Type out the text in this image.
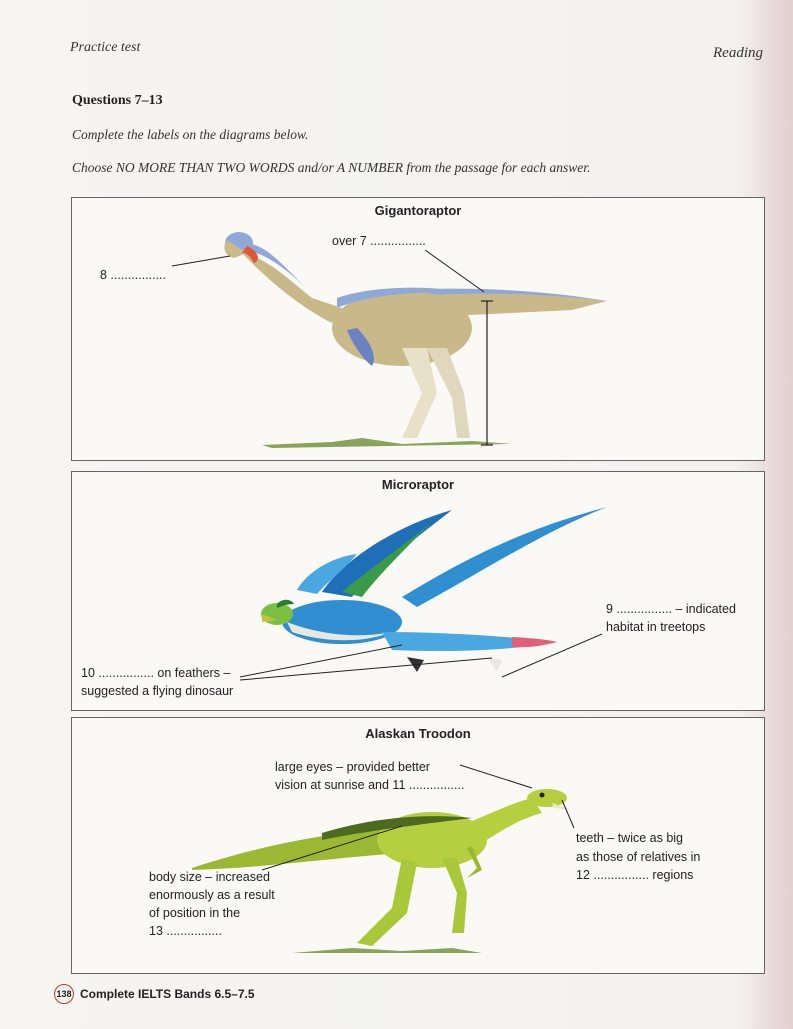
Practice test	Reading
Questions 7–13
Complete the labels on the diagrams below.
Choose NO MORE THAN TWO WORDS and/or A NUMBER from the passage for each answer.
Gigantoraptor
over 7 ................
8 ................
Microraptor
9 ................ – indicated
habitat in treetops
10 ................ on feathers –
suggested a flying dinosaur
Alaskan Troodon
large eyes – provided better
vision at sunrise and 11 ................
teeth – twice as big
as those of relatives in
12 ................ regions
body size – increased
enormously as a result
of position in the
13 ................
138 Complete IELTS Bands 6.5–7.5
